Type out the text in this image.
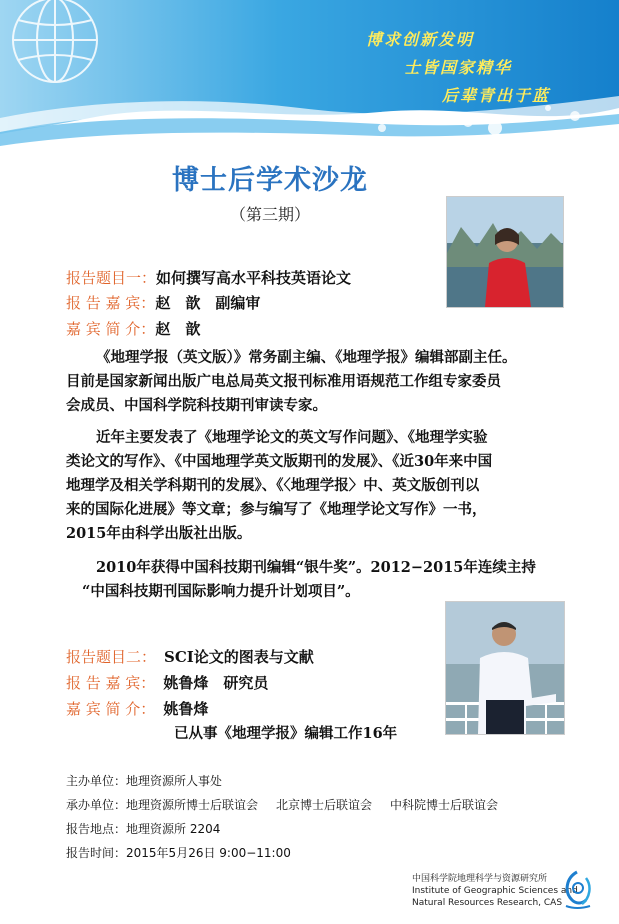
博求创新发明
士皆国家精华
后辈青出于蓝
博士后学术沙龙
（第三期）
报告题目一：如何撰写高水平科技英语论文
报 告 嘉 宾：赵　歆　副编审
嘉 宾 简 介：赵　歆

《地理学报（英文版）》常务副主编、《地理学报》编辑部副主任。

目前是国家新闻出版广电总局英文报刊标准用语规范工作组专家委员

会成员、中国科学院科技期刊审读专家。

近年主要发表了《地理学论文的英文写作问题》、《地理学实验

类论文的写作》、《中国地理学英文版期刊的发展》、《近30年来中国

地理学及相关学科期刊的发展》、《〈地理学报〉中、英文版创刊以

来的国际化进展》等文章；参与编写了《地理学论文写作》一书，

2015年由科学出版社出版。

2010年获得中国科技期刊编辑“银牛奖”。2012−2015年连续主持

“中国科技期刊国际影响力提升计划项目”。

报告题目二： SCI论文的图表与文献
报 告 嘉 宾： 姚鲁烽　研究员
嘉 宾 简 介： 姚鲁烽

已从事《地理学报》编辑工作16年

主办单位：地理资源所人事处
承办单位：地理资源所博士后联谊会 北京博士后联谊会 中科院博士后联谊会
报告地点：地理资源所 2204
报告时间：2015年5月26日 9:00−11:00
中国科学院地理科学与资源研究所
Institute of Geographic Sciences and
Natural Resources Research, CAS
